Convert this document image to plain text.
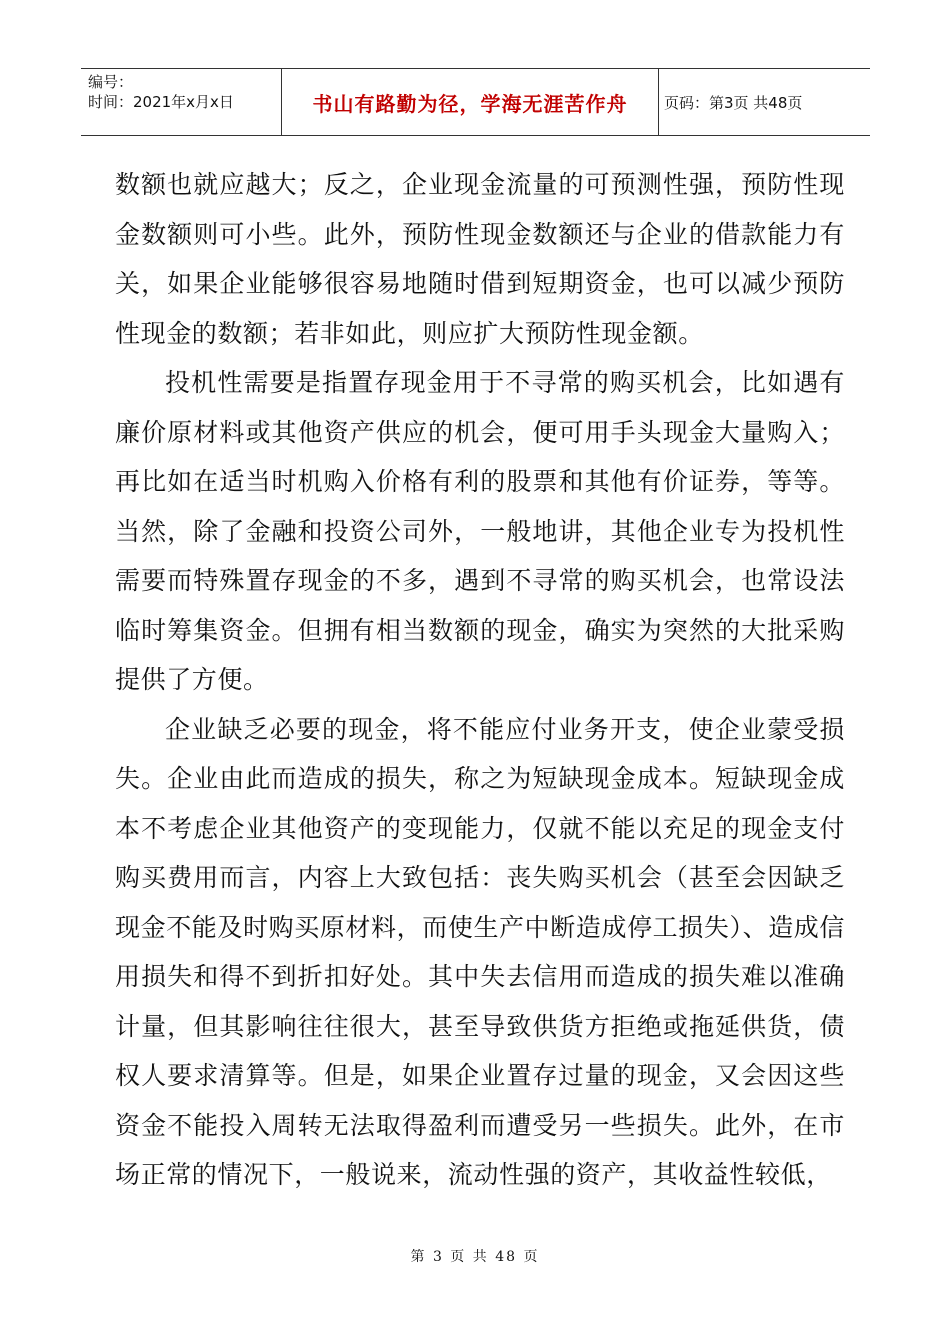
编号：
时间：2021年x月x日	书山有路勤为径，学海无涯苦作舟 页码：第3页 共48页

数额也就应越大；反之，企业现金流量的可预测性强，预防性现金数额则可小些。此外，预防性现金数额还与企业的借款能力有关，如果企业能够很容易地随时借到短期资金，也可以减少预防性现金的数额；若非如此，则应扩大预防性现金额。

投机性需要是指置存现金用于不寻常的购买机会，比如遇有廉价原材料或其他资产供应的机会，便可用手头现金大量购入；再比如在适当时机购入价格有利的股票和其他有价证券，等等。当然，除了金融和投资公司外，一般地讲，其他企业专为投机性需要而特殊置存现金的不多，遇到不寻常的购买机会，也常设法临时筹集资金。但拥有相当数额的现金，确实为突然的大批采购提供了方便。

企业缺乏必要的现金，将不能应付业务开支，使企业蒙受损失。企业由此而造成的损失，称之为短缺现金成本。短缺现金成本不考虑企业其他资产的变现能力，仅就不能以充足的现金支付购买费用而言，内容上大致包括：丧失购买机会（甚至会因缺乏现金不能及时购买原材料，而使生产中断造成停工损失）、造成信用损失和得不到折扣好处。其中失去信用而造成的损失难以准确计量，但其影响往往很大，甚至导致供货方拒绝或拖延供货，债权人要求清算等。但是，如果企业置存过量的现金，又会因这些资金不能投入周转无法取得盈利而遭受另一些损失。此外，在市场正常的情况下，一般说来，流动性强的资产，其收益性较低，

第 3 页 共 48 页
